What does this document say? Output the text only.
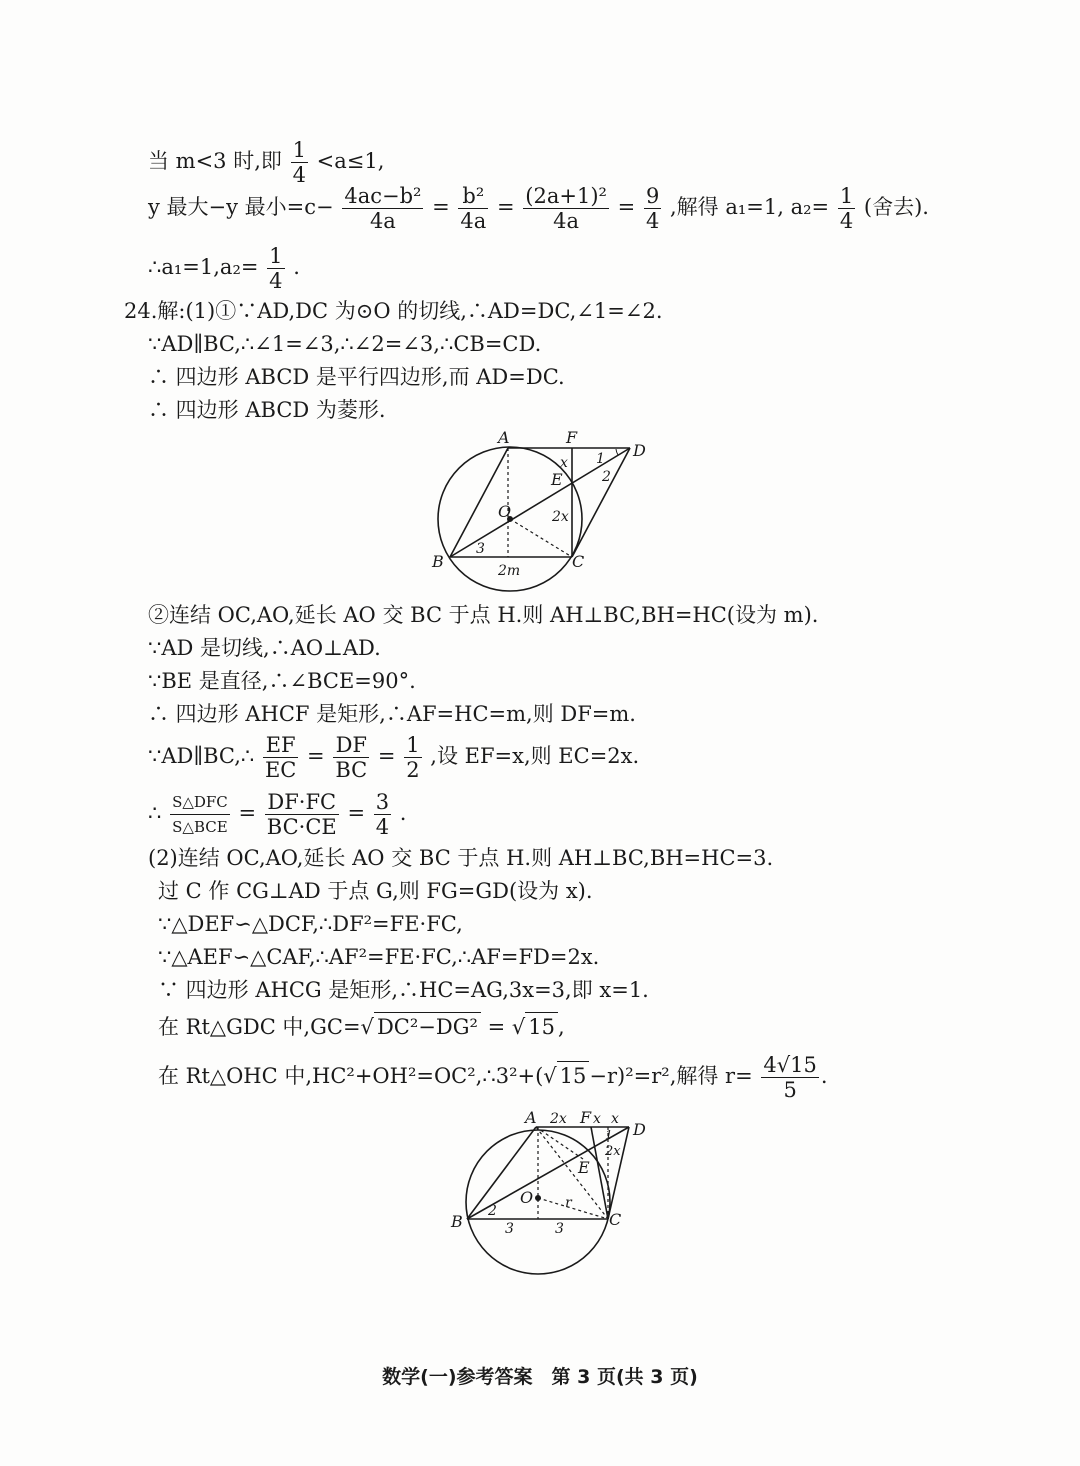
当 m<3 时,即 $\frac{1}{4} <a\le 1$,
y 最大−y 最小$=c- \frac{\text{4ac−b²}}{4a} = \frac{\text{b²}}{4a} = \frac{\text{(2a+1)²}}{4a} = \frac{9}{4}$ ,解得 a₁=1, $a_2= \frac{1}{4}$ (舍去).
∴a₁=1,a₂= $\frac{1}{4}$ .
24.解:(1)①∵AD,DC 为⊙O 的切线,∴AD=DC,∠1=∠2.
∵AD∥BC,∴∠1=∠3,∴∠2=∠3,∴CB=CD.
∴ 四边形 ABCD 是平行四边形,而 AD=DC.
∴ 四边形 ABCD 为菱形.
A	F
D
E
O
B	C
x 1
2
2x
3
2m
②连结 OC,AO,延长 AO 交 BC 于点 H.则 AH⊥BC,BH=HC(设为 m).
∵AD 是切线,∴AO⊥AD.
∵BE 是直径,∴∠BCE=90°.
∴ 四边形 AHCF 是矩形,∴AF=HC=m,则 DF=m.
∵AD∥BC,∴ $\frac{EF}{EC} = \frac{DF}{BC} = \frac{1}{2}$ ,设 EF=x,则 EC=2x.
∴ $\frac{\text{S△DFC}}{\text{S△BCE}} = \frac{DF\cdot FC}{BC\cdot CE} = \frac{3}{4}$ .
(2)连结 OC,AO,延长 AO 交 BC 于点 H.则 AH⊥BC,BH=HC=3.
过 C 作 CG⊥AD 于点 G,则 FG=GD(设为 x).
∵△DEF∽△DCF,∴DF²=FE·FC,
∵△AEF∽△CAF,∴AF²=FE·FC,∴AF=FD=2x.
∵ 四边形 AHCG 是矩形,∴HC=AG,3x=3,即 x=1.
在 Rt△GDC 中,GC=√ DC²−DG² = √ 15 ,
在 Rt△OHC 中,HC²+OH²=OC²,∴3²+(√ 15 −r)²=r²,解得 $r= \frac{4√15}{5}$ .
A 2x F x x
D
1
2x
E
O r
B
2
3	3	C
数学(一)参考答案　第 3 页(共 3 页)
